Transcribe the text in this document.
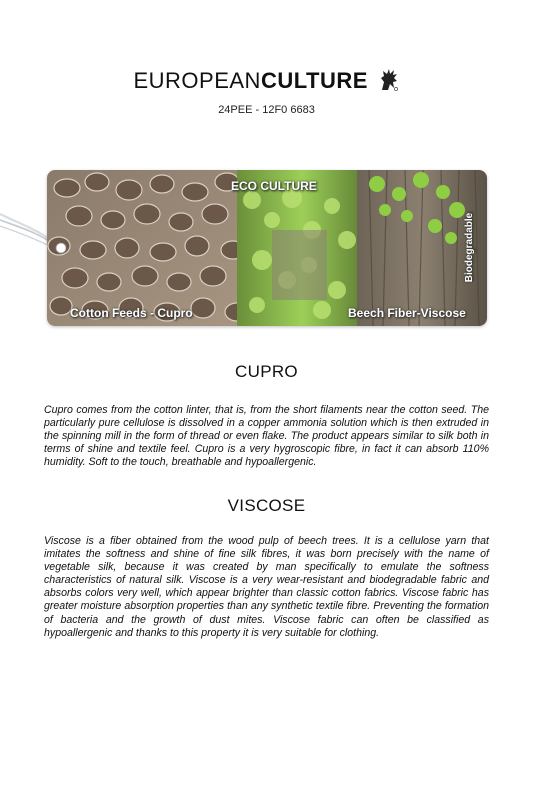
EUROPEANCULTURE
24PEE - 12F0 6683
ECO CULTURE
Cotton Feeds - Cupro	Beech Fiber-Viscose
Biodegradable
CUPRO

Cupro comes from the cotton linter, that is, from the short filaments near the cotton seed. The particularly pure cellulose is dissolved in a copper ammonia solution which is then extruded in the spinning mill in the form of thread or even flake. The product appears similar to silk both in terms of shine and textile feel. Cupro is a very hygroscopic fibre, in fact it can absorb 110% humidity. Soft to the touch, breathable and hypoallergenic.

VISCOSE

Viscose is a fiber obtained from the wood pulp of beech trees. It is a cellulose yarn that imitates the softness and shine of fine silk fibres, it was born precisely with the name of vegetable silk, because it was created by man specifically to emulate the softness characteristics of natural silk. Viscose is a very wear-resistant and biodegradable fabric and absorbs colors very well, which appear brighter than classic cotton fabrics. Viscose fabric has greater moisture absorption properties than any synthetic textile fibre. Preventing the formation of bacteria and the growth of dust mites. Viscose fabric can often be classified as hypoallergenic and thanks to this property it is very suitable for clothing.
